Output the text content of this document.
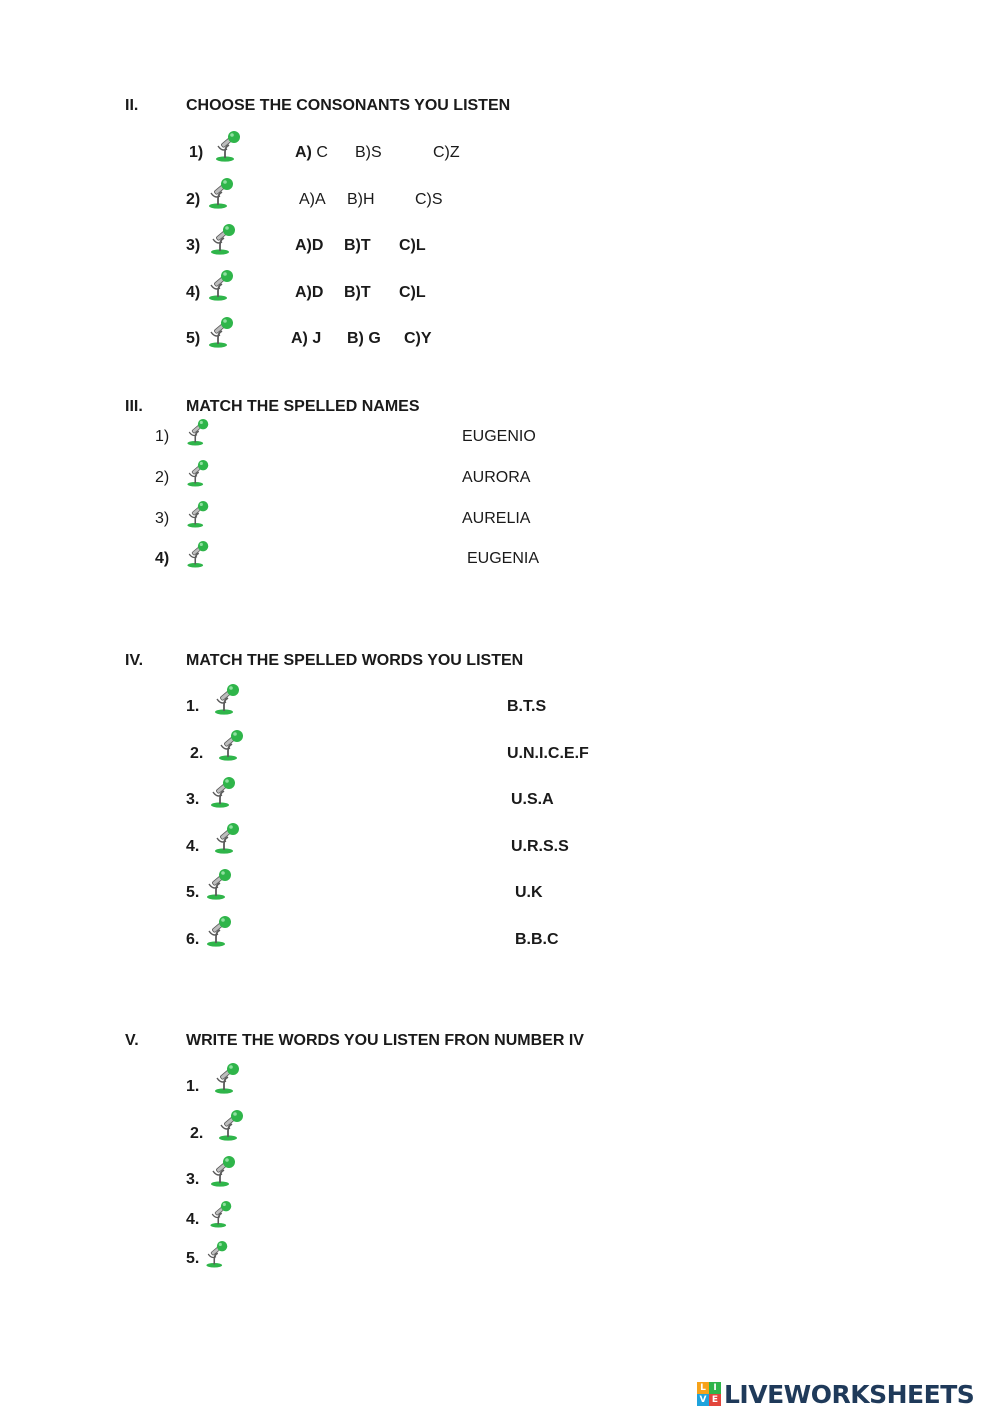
II.	CHOOSE THE CONSONANTS YOU LISTEN
1)	A) C B)S	C)Z
2)	A)A B)H	C)S
3)	A)D B)T C)L
4)	A)D B)T C)L
5)	A) J B) G C)Y
III.	MATCH THE SPELLED NAMES
1)	EUGENIO
2)	AURORA
3)	AURELIA
4)	EUGENIA
IV.	MATCH THE SPELLED WORDS YOU LISTEN
1.	B.T.S
2.	U.N.I.C.E.F
3.	U.S.A
4.	U.R.S.S
5.	U.K
6.	B.B.C
V.	WRITE THE WORDS YOU LISTEN FRON NUMBER IV
1.
2.
3.
4.
5.
L I
V E LIVEWORKSHEETS
